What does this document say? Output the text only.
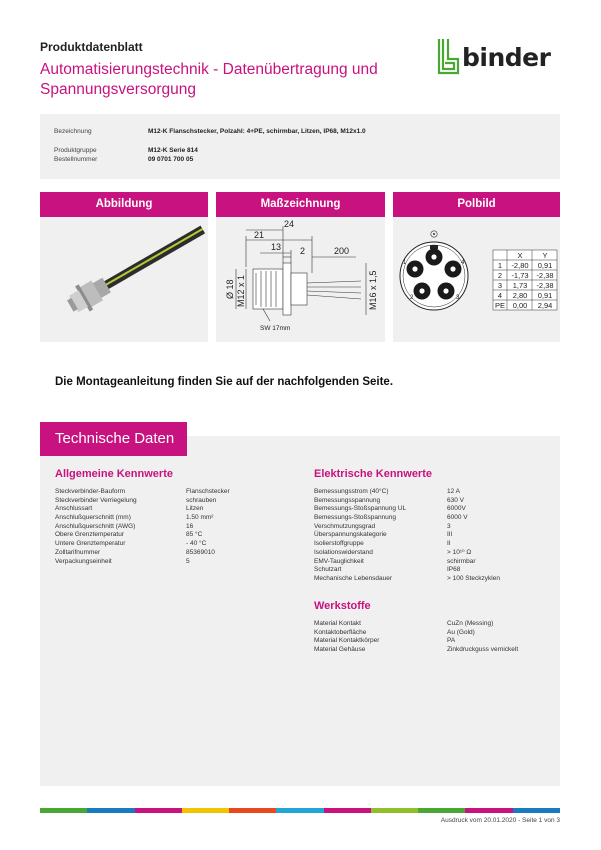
Produktdatenblatt
Automatisierungstechnik - Datenübertragung und Spannungsversorgung
binder
Bezeichnung	M12-K Flanschstecker, Polzahl: 4+PE, schirmbar, Litzen, IP68, M12x1.0
Produktgruppe	M12-K Serie 814
Bestellnummer	09 0701 700 05
Abbildung	Maßzeichnung
21
24
13 2	200
Ø 18 M12 x 1	M16 x 1,5
SW 17mm
Polbild
1
2	3
4
X	Y
1 -2,80 0,91
2 -1,73 -2,38
3 1,73 -2,38
4 2,80 0,91
PE 0,00 2,94
Die Montageanleitung finden Sie auf der nachfolgenden Seite.
Technische Daten
Allgemeine Kennwerte
Steckverbinder-Bauform	Flanschstecker
Steckverbinder Verriegelung	schrauben
Anschlussart	Litzen
Anschlußquerschnitt (mm)	1.50 mm²
Anschlußquerschnitt (AWG)	16
Obere Grenztemperatur	85 °C
Untere Grenztemperatur	- 40 °C
Zolltarifnummer	85369010
Verpackungseinheit	5
Elektrische Kennwerte
Bemessungsstrom (40°C)	12 A
Bemessungsspannung	630 V
Bemessungs-Stoßspannung UL	6000V
Bemessungs-Stoßspannung	6000 V
Verschmutzungsgrad	3
Überspannungskategorie	III
Isolierstoffgruppe	II
Isolationswiderstand	> 10¹⁰ Ω
EMV-Tauglichkeit	schirmbar
Schutzart	IP68
Mechanische Lebensdauer	> 100 Steckzyklen
Werkstoffe
Material Kontakt	CuZn (Messing)
Kontaktoberfläche	Au (Gold)
Material Kontaktkörper	PA
Material Gehäuse	Zinkdruckguss vernickelt
Ausdruck vom 20.01.2020 - Seite 1 von 3
